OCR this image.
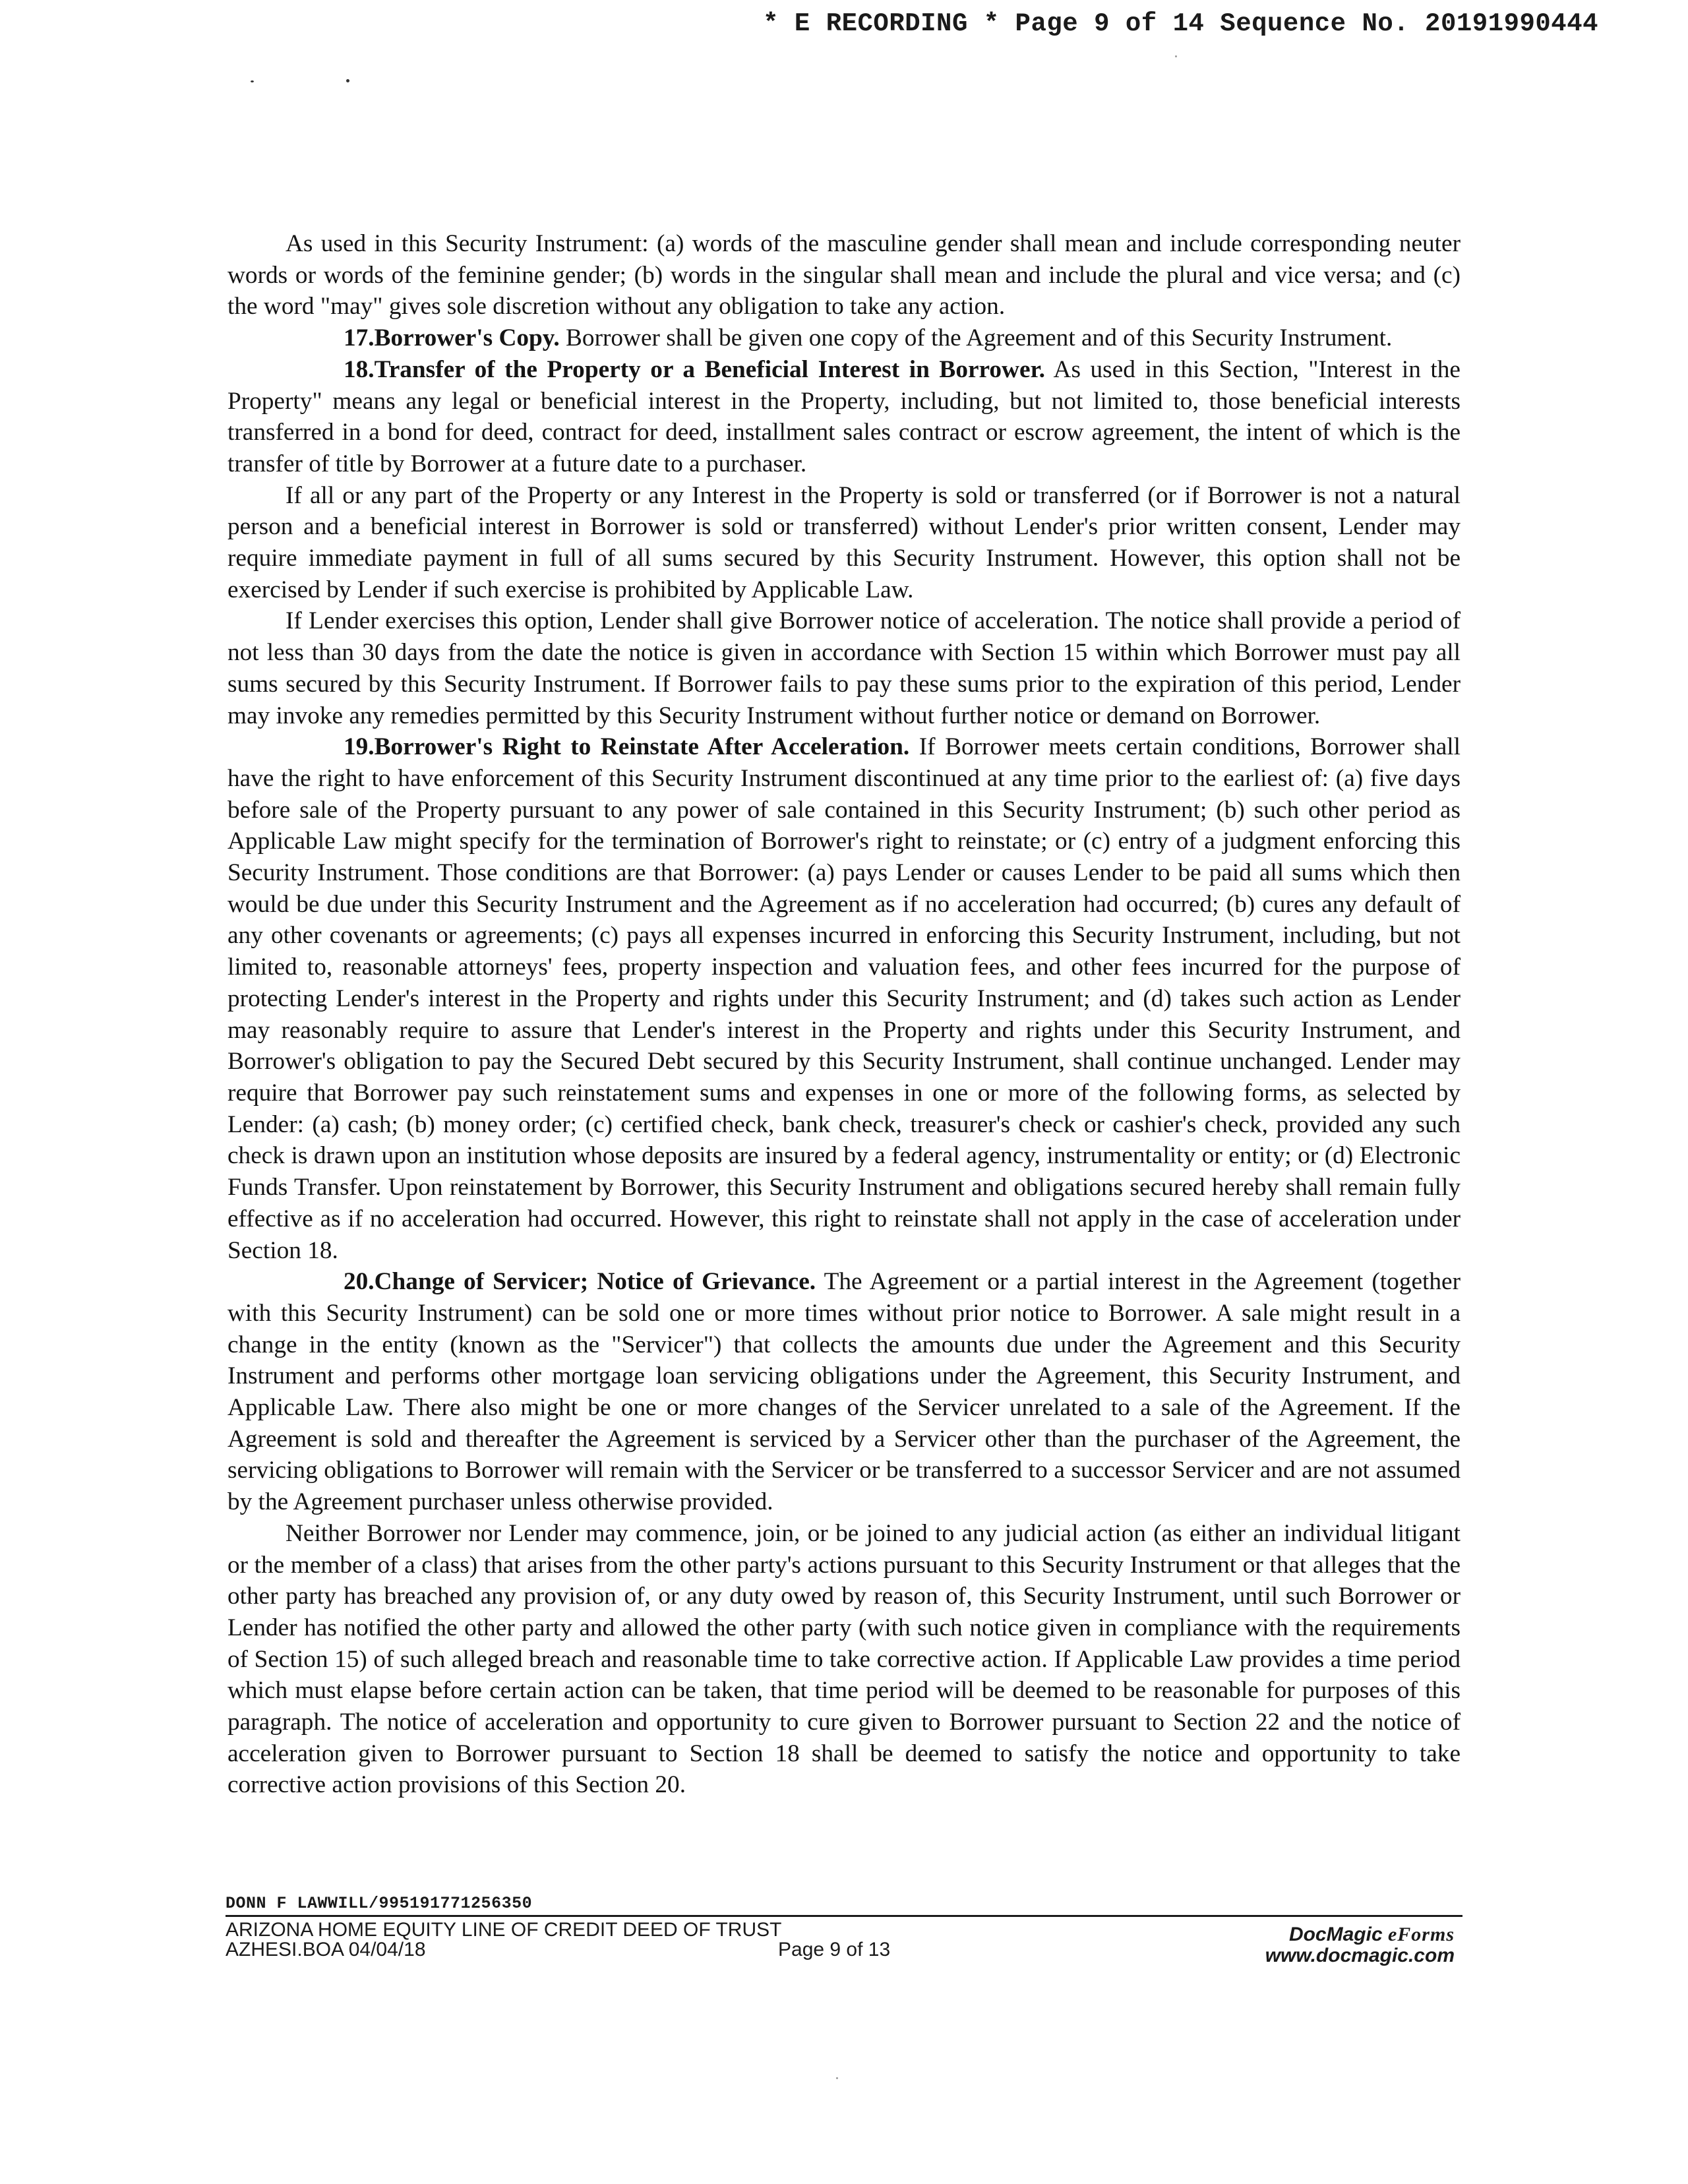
* E RECORDING * Page 9 of 14 Sequence No. 20191990444

As used in this Security Instrument: (a) words of the masculine gender shall mean and include corresponding neuter words or words of the feminine gender; (b) words in the singular shall mean and include the plural and vice versa; and (c) the word "may" gives sole discretion without any obligation to take any action.

17.Borrower's Copy. Borrower shall be given one copy of the Agreement and of this Security Instrument.

18.Transfer of the Property or a Beneficial Interest in Borrower. As used in this Section, "Interest in the Property" means any legal or beneficial interest in the Property, including, but not limited to, those beneficial interests transferred in a bond for deed, contract for deed, installment sales contract or escrow agreement, the intent of which is the transfer of title by Borrower at a future date to a purchaser.

If all or any part of the Property or any Interest in the Property is sold or transferred (or if Borrower is not a natural person and a beneficial interest in Borrower is sold or transferred) without Lender's prior written consent, Lender may require immediate payment in full of all sums secured by this Security Instrument. However, this option shall not be exercised by Lender if such exercise is prohibited by Applicable Law.

If Lender exercises this option, Lender shall give Borrower notice of acceleration. The notice shall provide a period of not less than 30 days from the date the notice is given in accordance with Section 15 within which Borrower must pay all sums secured by this Security Instrument. If Borrower fails to pay these sums prior to the expiration of this period, Lender may invoke any remedies permitted by this Security Instrument without further notice or demand on Borrower.

19.Borrower's Right to Reinstate After Acceleration. If Borrower meets certain conditions, Borrower shall have the right to have enforcement of this Security Instrument discontinued at any time prior to the earliest of: (a) five days before sale of the Property pursuant to any power of sale contained in this Security Instrument; (b) such other period as Applicable Law might specify for the termination of Borrower's right to reinstate; or (c) entry of a judgment enforcing this Security Instrument. Those conditions are that Borrower: (a) pays Lender or causes Lender to be paid all sums which then would be due under this Security Instrument and the Agreement as if no acceleration had occurred; (b) cures any default of any other covenants or agreements; (c) pays all expenses incurred in enforcing this Security Instrument, including, but not limited to, reasonable attorneys' fees, property inspection and valuation fees, and other fees incurred for the purpose of protecting Lender's interest in the Property and rights under this Security Instrument; and (d) takes such action as Lender may reasonably require to assure that Lender's interest in the Property and rights under this Security Instrument, and Borrower's obligation to pay the Secured Debt secured by this Security Instrument, shall continue unchanged. Lender may require that Borrower pay such reinstatement sums and expenses in one or more of the following forms, as selected by Lender: (a) cash; (b) money order; (c) certified check, bank check, treasurer's check or cashier's check, provided any such check is drawn upon an institution whose deposits are insured by a federal agency, instrumentality or entity; or (d) Electronic Funds Transfer. Upon reinstatement by Borrower, this Security Instrument and obligations secured hereby shall remain fully effective as if no acceleration had occurred. However, this right to reinstate shall not apply in the case of acceleration under Section 18.

20.Change of Servicer; Notice of Grievance. The Agreement or a partial interest in the Agreement (together with this Security Instrument) can be sold one or more times without prior notice to Borrower. A sale might result in a change in the entity (known as the "Servicer") that collects the amounts due under the Agreement and this Security Instrument and performs other mortgage loan servicing obligations under the Agreement, this Security Instrument, and Applicable Law. There also might be one or more changes of the Servicer unrelated to a sale of the Agreement. If the Agreement is sold and thereafter the Agreement is serviced by a Servicer other than the purchaser of the Agreement, the servicing obligations to Borrower will remain with the Servicer or be transferred to a successor Servicer and are not assumed by the Agreement purchaser unless otherwise provided.

Neither Borrower nor Lender may commence, join, or be joined to any judicial action (as either an individual litigant or the member of a class) that arises from the other party's actions pursuant to this Security Instrument or that alleges that the other party has breached any provision of, or any duty owed by reason of, this Security Instrument, until such Borrower or Lender has notified the other party and allowed the other party (with such notice given in compliance with the requirements of Section 15) of such alleged breach and reasonable time to take corrective action. If Applicable Law provides a time period which must elapse before certain action can be taken, that time period will be deemed to be reasonable for purposes of this paragraph. The notice of acceleration and opportunity to cure given to Borrower pursuant to Section 22 and the notice of acceleration given to Borrower pursuant to Section 18 shall be deemed to satisfy the notice and opportunity to take corrective action provisions of this Section 20.

DONN F LAWWILL/995191771256350
ARIZONA HOME EQUITY LINE OF CREDIT DEED OF TRUST
AZHESI.BOA 04/04/18	Page 9 of 13
DocMagic eForms
www.docmagic.com
